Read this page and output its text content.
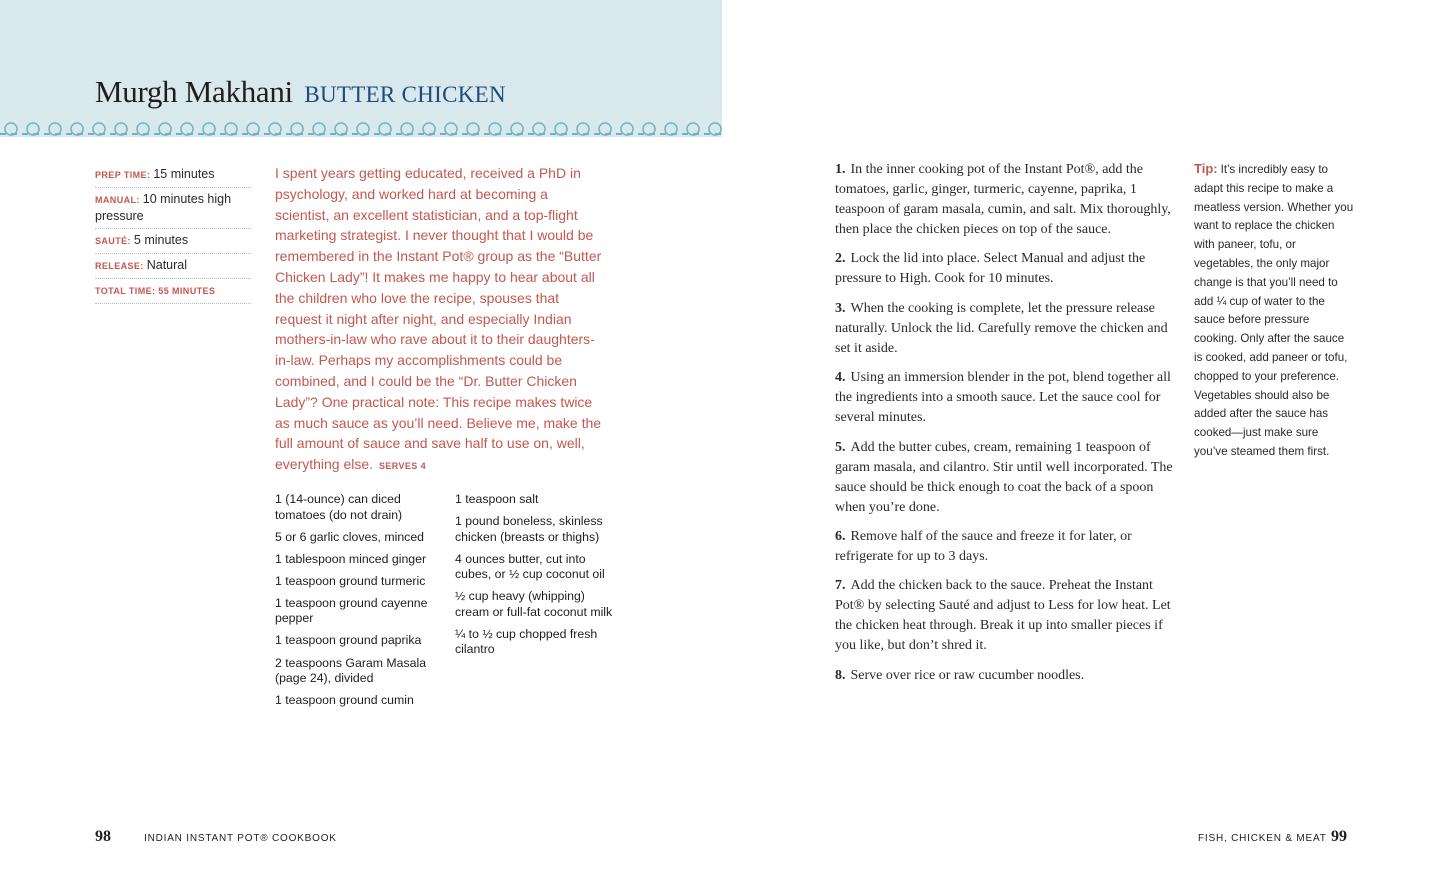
Murgh Makhani BUTTER CHICKEN
PREP TIME: 15 minutes
MANUAL: 10 minutes high pressure
SAUTÉ: 5 minutes
RELEASE: Natural
TOTAL TIME: 55 MINUTES

I spent years getting educated, received a PhD in psychology, and worked hard at becoming a scientist, an excellent statistician, and a top-flight marketing strategist. I never thought that I would be remembered in the Instant Pot® group as the “Butter Chicken Lady”! It makes me happy to hear about all the children who love the recipe, spouses that request it night after night, and especially Indian mothers-in-law who rave about it to their daughters-in-law. Perhaps my accomplishments could be combined, and I could be the “Dr. Butter Chicken Lady”? One practical note: This recipe makes twice as much sauce as you’ll need. Believe me, make the full amount of sauce and save half to use on, well, everything else. SERVES 4

1 (14-ounce) can diced tomatoes (do not drain)
5 or 6 garlic cloves, minced
1 tablespoon minced ginger
1 teaspoon ground turmeric
1 teaspoon ground cayenne pepper
1 teaspoon ground paprika
2 teaspoons Garam Masala (page 24), divided
1 teaspoon ground cumin
1 teaspoon salt
1 pound boneless, skinless chicken (breasts or thighs)
4 ounces butter, cut into cubes, or ½ cup coconut oil
½ cup heavy (whipping) cream or full-fat coconut milk
¼ to ½ cup chopped fresh cilantro
98	INDIAN INSTANT POT® COOKBOOK
1. In the inner cooking pot of the Instant Pot®, add the tomatoes, garlic, ginger, turmeric, cayenne, paprika, 1 teaspoon of garam masala, cumin, and salt. Mix thoroughly, then place the chicken pieces on top of the sauce.
2. Lock the lid into place. Select Manual and adjust the pressure to High. Cook for 10 minutes.
3. When the cooking is complete, let the pressure release naturally. Unlock the lid. Carefully remove the chicken and set it aside.
4. Using an immersion blender in the pot, blend together all the ingredients into a smooth sauce. Let the sauce cool for several minutes.
5. Add the butter cubes, cream, remaining 1 teaspoon of garam masala, and cilantro. Stir until well incorporated. The sauce should be thick enough to coat the back of a spoon when you’re done.
6. Remove half of the sauce and freeze it for later, or refrigerate for up to 3 days.
7. Add the chicken back to the sauce. Preheat the Instant Pot® by selecting Sauté and adjust to Less for low heat. Let the chicken heat through. Break it up into smaller pieces if you like, but don’t shred it.
8. Serve over rice or raw cucumber noodles.
Tip: It’s incredibly easy to adapt this recipe to make a meatless version. Whether you want to replace the chicken with paneer, tofu, or vegetables, the only major change is that you’ll need to add ¼ cup of water to the sauce before pressure cooking. Only after the sauce is cooked, add paneer or tofu, chopped to your preference. Vegetables should also be added after the sauce has cooked—just make sure you’ve steamed them first.
FISH, CHICKEN & MEAT 99
